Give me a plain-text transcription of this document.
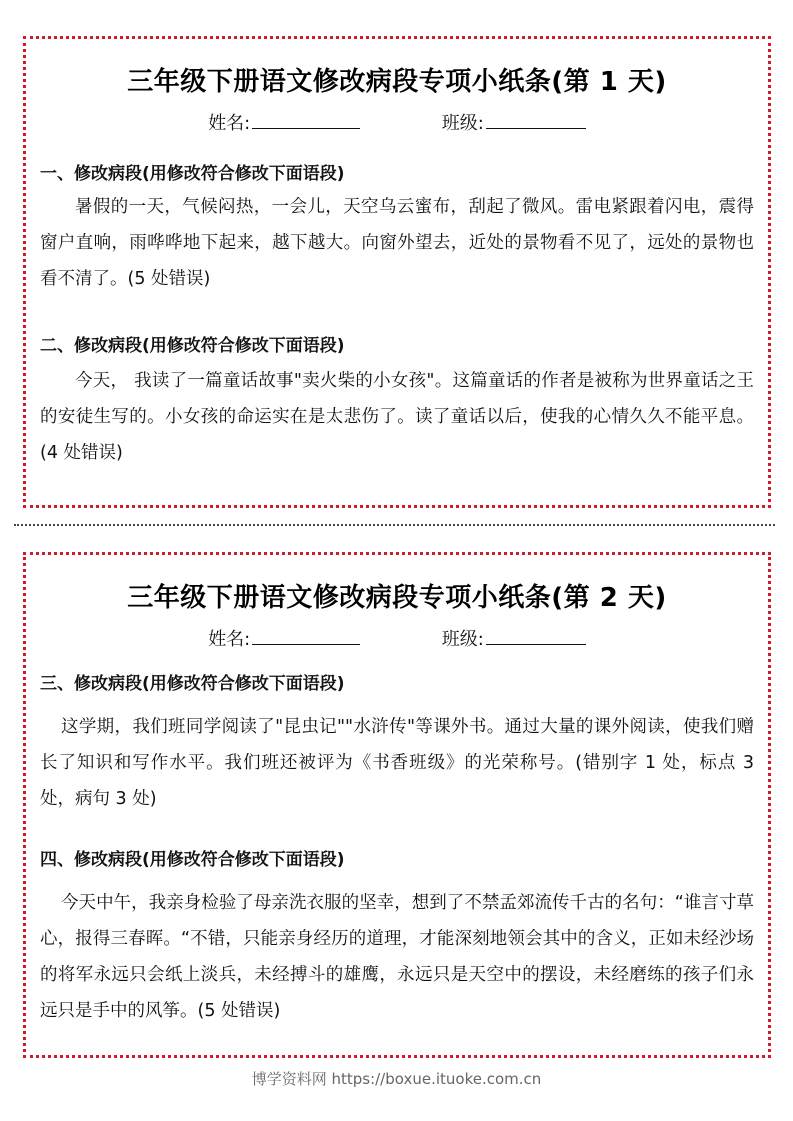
三年级下册语文修改病段专项小纸条(第 1 天)
姓名:	班级:
一、修改病段(用修改符合修改下面语段)
暑假的一天，气候闷热，一会儿，天空乌云蜜布，刮起了微风。雷电紧跟着闪电，震得窗户直响，雨哗哗地下起来，越下越大。向窗外望去，近处的景物看不见了，远处的景物也看不清了。(5 处错误)
二、修改病段(用修改符合修改下面语段)
今天， 我读了一篇童话故事"卖火柴的小女孩"。这篇童话的作者是被称为世界童话之王的安徒生写的。小女孩的命运实在是太悲伤了。读了童话以后，使我的心情久久不能平息。(4 处错误)
三年级下册语文修改病段专项小纸条(第 2 天)
姓名:	班级:
三、修改病段(用修改符合修改下面语段)
这学期，我们班同学阅读了"昆虫记""水浒传"等课外书。通过大量的课外阅读，使我们赠长了知识和写作水平。我们班还被评为《书香班级》的光荣称号。(错别字 1 处，标点 3 处，病句 3 处)
四、修改病段(用修改符合修改下面语段)
今天中午，我亲身检验了母亲洗衣服的坚幸，想到了不禁孟郊流传千古的名句：“谁言寸草心，报得三春晖。“不错，只能亲身经历的道理，才能深刻地领会其中的含义，正如未经沙场的将军永远只会纸上淡兵，未经搏斗的雄鹰，永远只是天空中的摆设，未经磨练的孩子们永远只是手中的风筝。(5 处错误)
博学资料网 https://boxue.ituoke.com.cn
